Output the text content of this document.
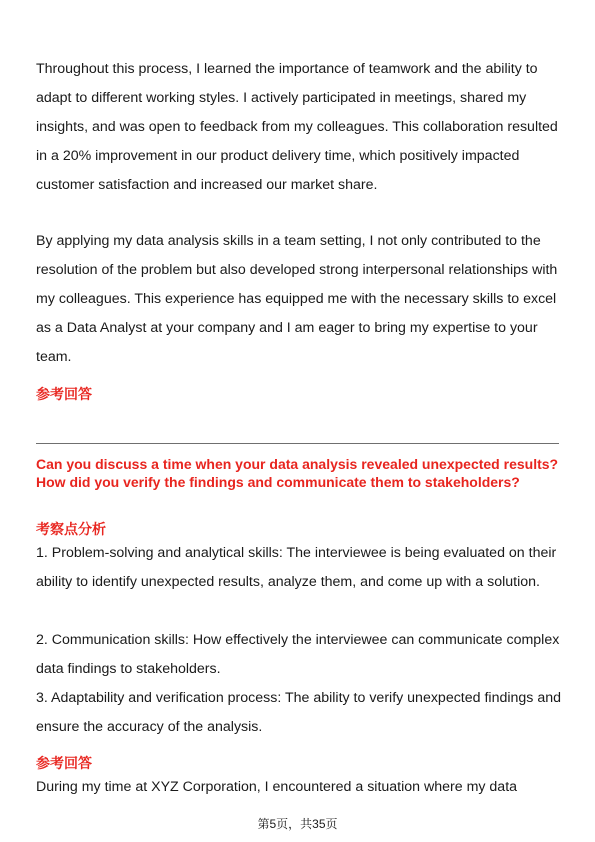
Throughout this process, I learned the importance of teamwork and the ability to adapt to different working styles. I actively participated in meetings, shared my insights, and was open to feedback from my colleagues. This collaboration resulted in a 20% improvement in our product delivery time, which positively impacted customer satisfaction and increased our market share.

By applying my data analysis skills in a team setting, I not only contributed to the resolution of the problem but also developed strong interpersonal relationships with my colleagues. This experience has equipped me with the necessary skills to excel as a Data Analyst at your company and I am eager to bring my expertise to your team.

参考回答

Can you discuss a time when your data analysis revealed unexpected results? How did you verify the findings and communicate them to stakeholders?

考察点分析

1. Problem-solving and analytical skills: The interviewee is being evaluated on their ability to identify unexpected results, analyze them, and come up with a solution.

2. Communication skills: How effectively the interviewee can communicate complex data findings to stakeholders.

3. Adaptability and verification process: The ability to verify unexpected findings and ensure the accuracy of the analysis.

参考回答

During my time at XYZ Corporation, I encountered a situation where my data

第5页，共35页
